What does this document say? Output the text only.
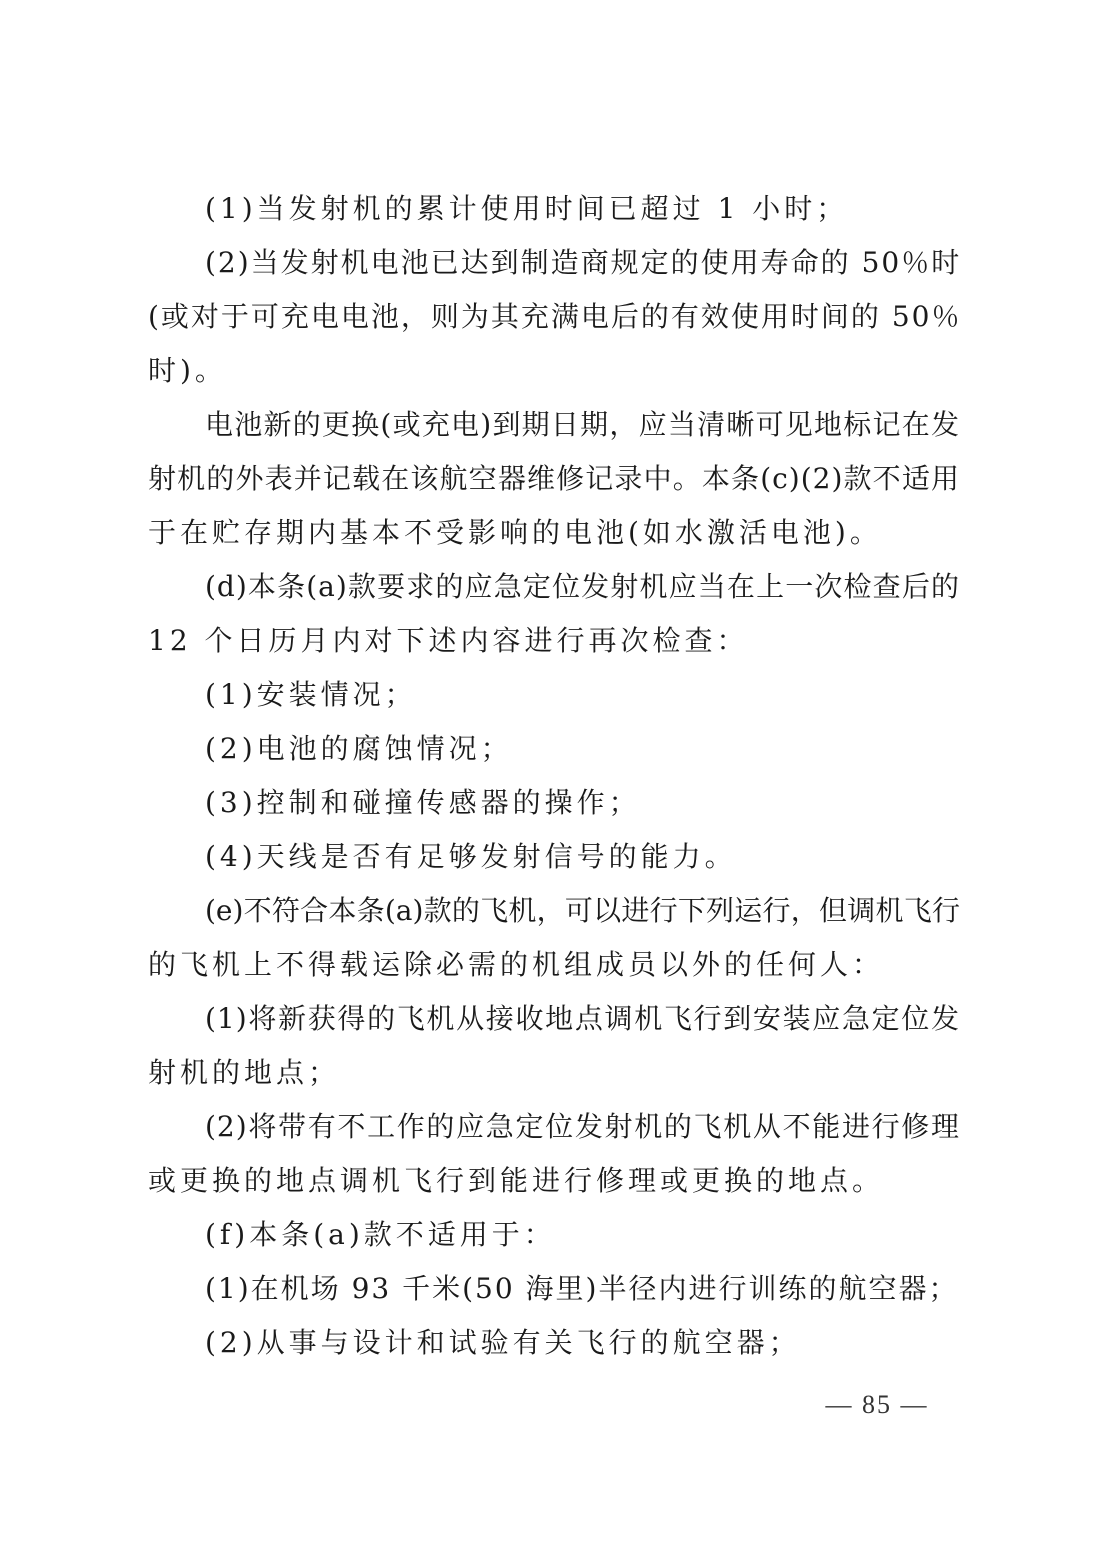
(1)当发射机的累计使用时间已超过 1 小时；
(2)当发射机电池已达到制造商规定的使用寿命的 50％时
(或对于可充电电池，则为其充满电后的有效使用时间的 50％
时)。
电池新的更换(或充电)到期日期，应当清晰可见地标记在发
射机的外表并记载在该航空器维修记录中。本条(c)(2)款不适用
于在贮存期内基本不受影响的电池(如水激活电池)。
(d)本条(a)款要求的应急定位发射机应当在上一次检查后的
12 个日历月内对下述内容进行再次检查：
(1)安装情况；
(2)电池的腐蚀情况；
(3)控制和碰撞传感器的操作；
(4)天线是否有足够发射信号的能力。
(e)不符合本条(a)款的飞机，可以进行下列运行，但调机飞行
的飞机上不得载运除必需的机组成员以外的任何人：
(1)将新获得的飞机从接收地点调机飞行到安装应急定位发
射机的地点；
(2)将带有不工作的应急定位发射机的飞机从不能进行修理
或更换的地点调机飞行到能进行修理或更换的地点。
(f)本条(a)款不适用于：
(1)在机场 93 千米(50 海里)半径内进行训练的航空器；
(2)从事与设计和试验有关飞行的航空器；
— 85 —
